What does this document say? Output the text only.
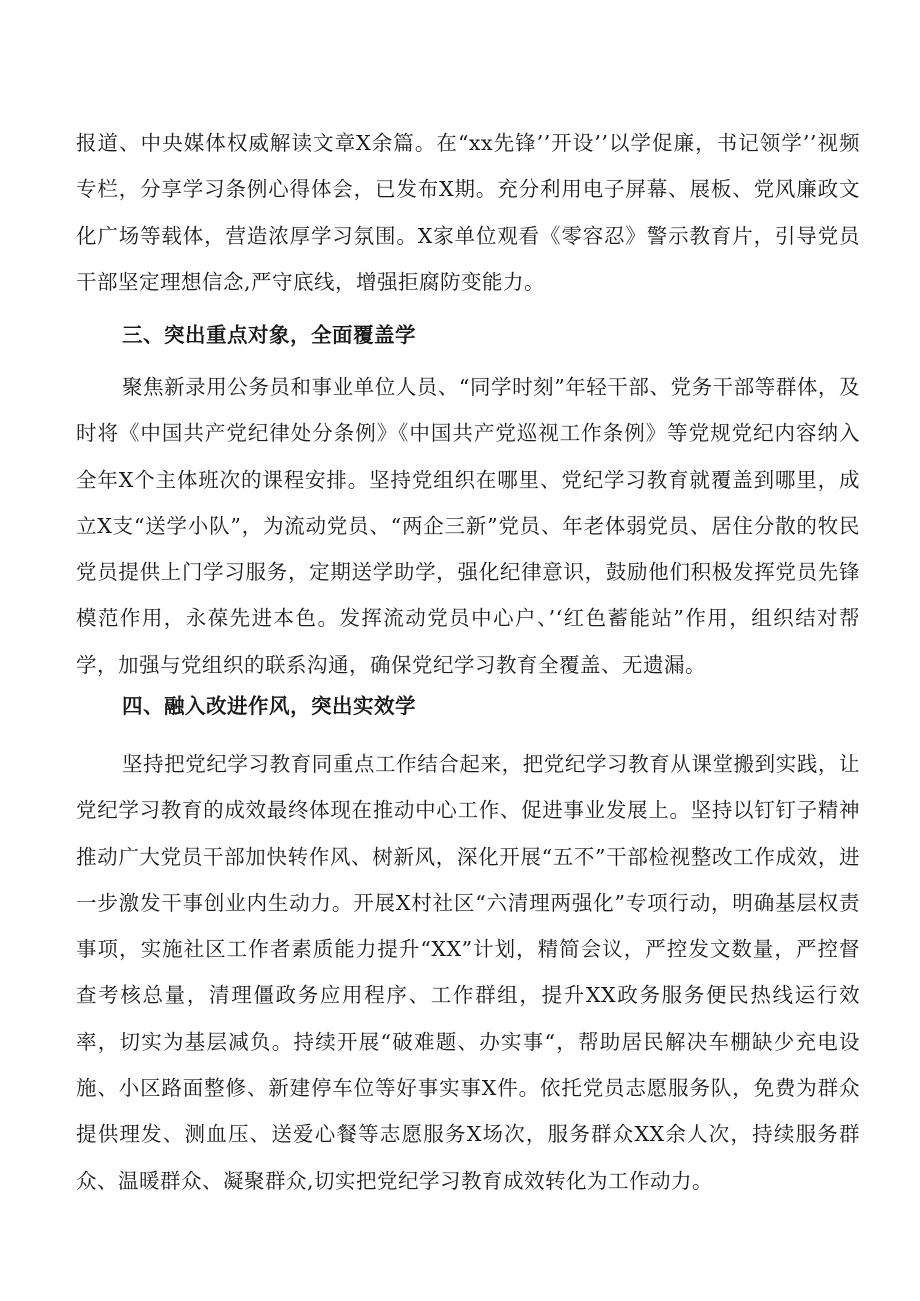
报道、中央媒体权威解读文章X余篇。在“xx先锋’’开设’’以学促廉，书记领学’’视频专栏，分享学习条例心得体会，已发布X期。充分利用电子屏幕、展板、党风廉政文化广场等载体，营造浓厚学习氛围。X家单位观看《零容忍》警示教育片，引导党员干部坚定理想信念,严守底线，增强拒腐防变能力。

三、突出重点对象，全面覆盖学

聚焦新录用公务员和事业单位人员、“同学时刻”年轻干部、党务干部等群体，及时将《中国共产党纪律处分条例》《中国共产党巡视工作条例》等党规党纪内容纳入全年X个主体班次的课程安排。坚持党组织在哪里、党纪学习教育就覆盖到哪里，成立X支“送学小队”，为流动党员、“两企三新”党员、年老体弱党员、居住分散的牧民党员提供上门学习服务，定期送学助学，强化纪律意识，鼓励他们积极发挥党员先锋模范作用，永葆先进本色。发挥流动党员中心户、’‘红色蓄能站”作用，组织结对帮学，加强与党组织的联系沟通，确保党纪学习教育全覆盖、无遗漏。

四、融入改进作风，突出实效学

坚持把党纪学习教育同重点工作结合起来，把党纪学习教育从课堂搬到实践，让党纪学习教育的成效最终体现在推动中心工作、促进事业发展上。坚持以钉钉子精神推动广大党员干部加快转作风、树新风，深化开展“五不”干部检视整改工作成效，进一步激发干事创业内生动力。开展X村社区“六清理两强化”专项行动，明确基层权责事项，实施社区工作者素质能力提升“XX”计划，精简会议，严控发文数量，严控督查考核总量，清理僵政务应用程序、工作群组，提升XX政务服务便民热线运行效率，切实为基层减负。持续开展“破难题、办实事“，帮助居民解决车棚缺少充电设施、小区路面整修、新建停车位等好事实事X件。依托党员志愿服务队，免费为群众提供理发、测血压、送爱心餐等志愿服务X场次，服务群众XX余人次，持续服务群众、温暖群众、凝聚群众,切实把党纪学习教育成效转化为工作动力。
